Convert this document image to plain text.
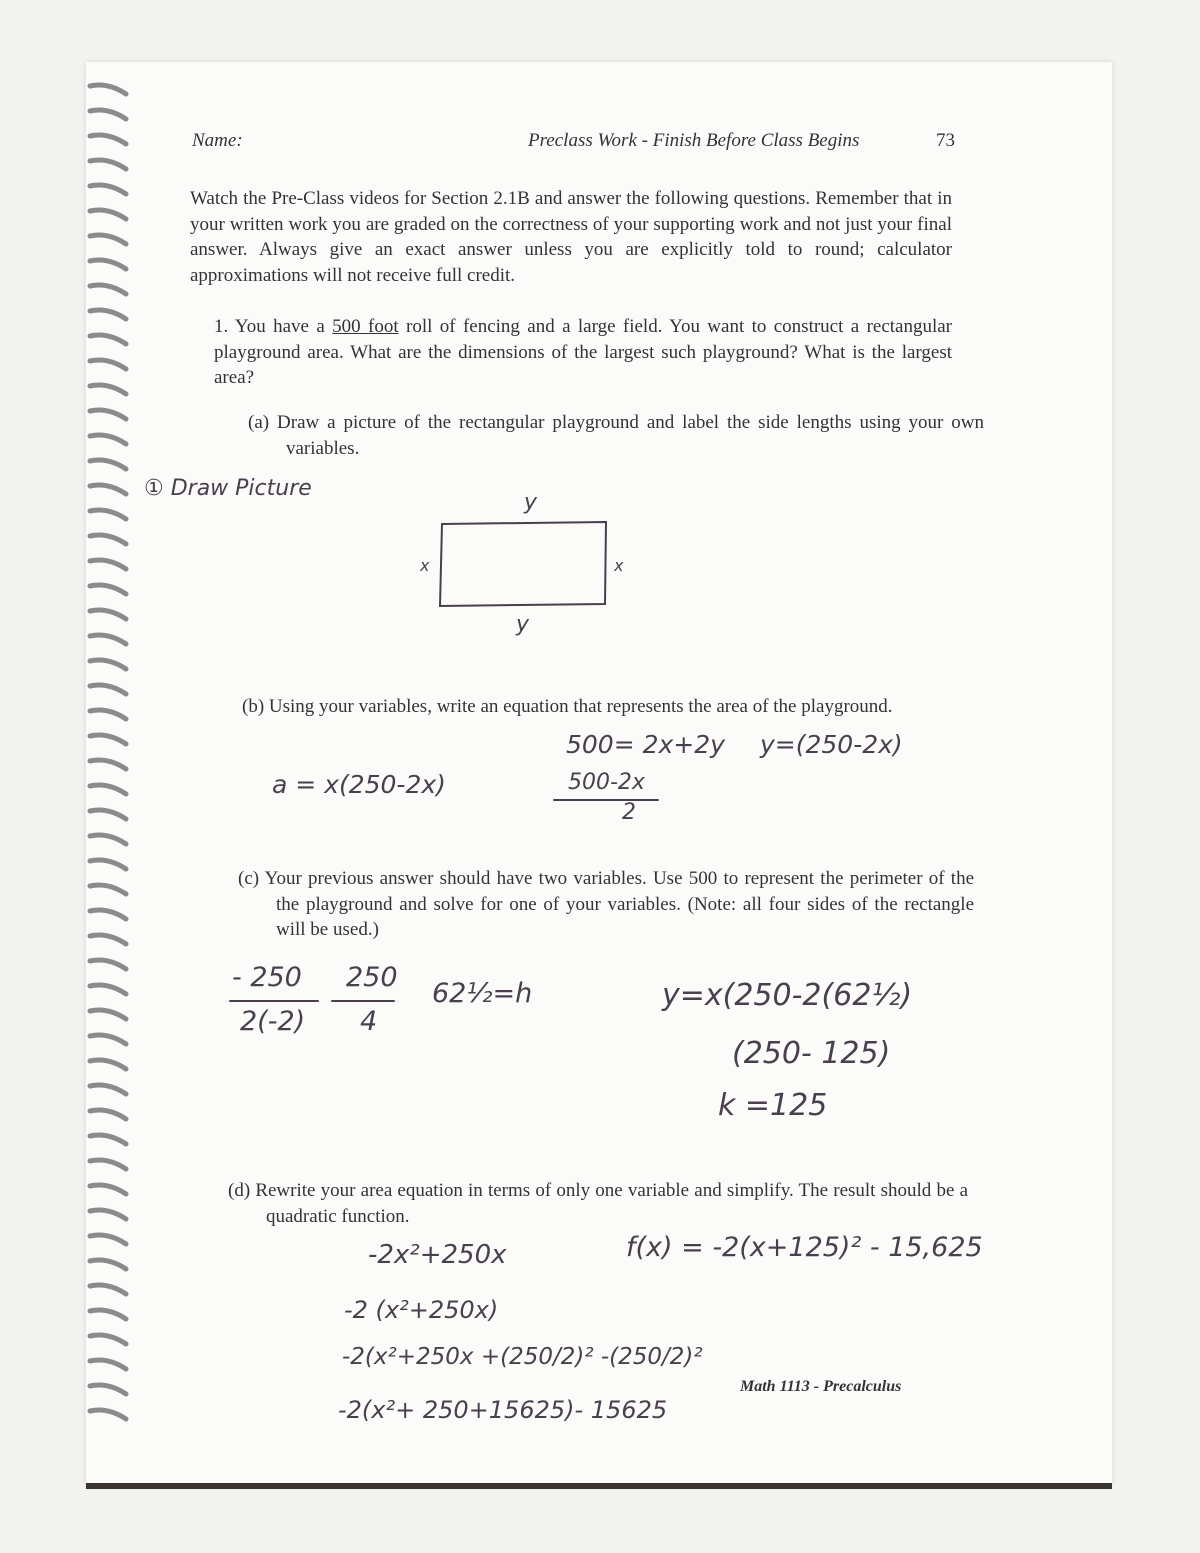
Name:	Preclass Work - Finish Before Class Begins	73
Watch the Pre-Class videos for Section 2.1B and answer the following questions. Remember that in your written work you are graded on the correctness of your supporting work and not just your final answer. Always give an exact answer unless you are explicitly told to round; calculator approximations will not receive full credit.
1. You have a 500 foot roll of fencing and a large field. You want to construct a rectangular playground area. What are the dimensions of the largest such playground? What is the largest area?
(a) Draw a picture of the rectangular playground and label the side lengths using your own variables.
① Draw Picture
y
y
x	x
(b) Using your variables, write an equation that represents the area of the playground.
a = x(250-2x)
500= 2x+2y y=(250-2x)
500-2x
2
(c) Your previous answer should have two variables. Use 500 to represent the perimeter of the the playground and solve for one of your variables. (Note: all four sides of the rectangle will be used.)
- 250
2(-2)
250
4
62½=h	y=x(250-2(62½)
(250- 125)
k =125
(d) Rewrite your area equation in terms of only one variable and simplify. The result should be a quadratic function.
-2x²+250x	f(x) = -2(x+125)² - 15,625
-2 (x²+250x)
-2(x²+250x +(250/2)² -(250/2)²
-2(x²+ 250+15625)- 15625
Math 1113 - Precalculus
